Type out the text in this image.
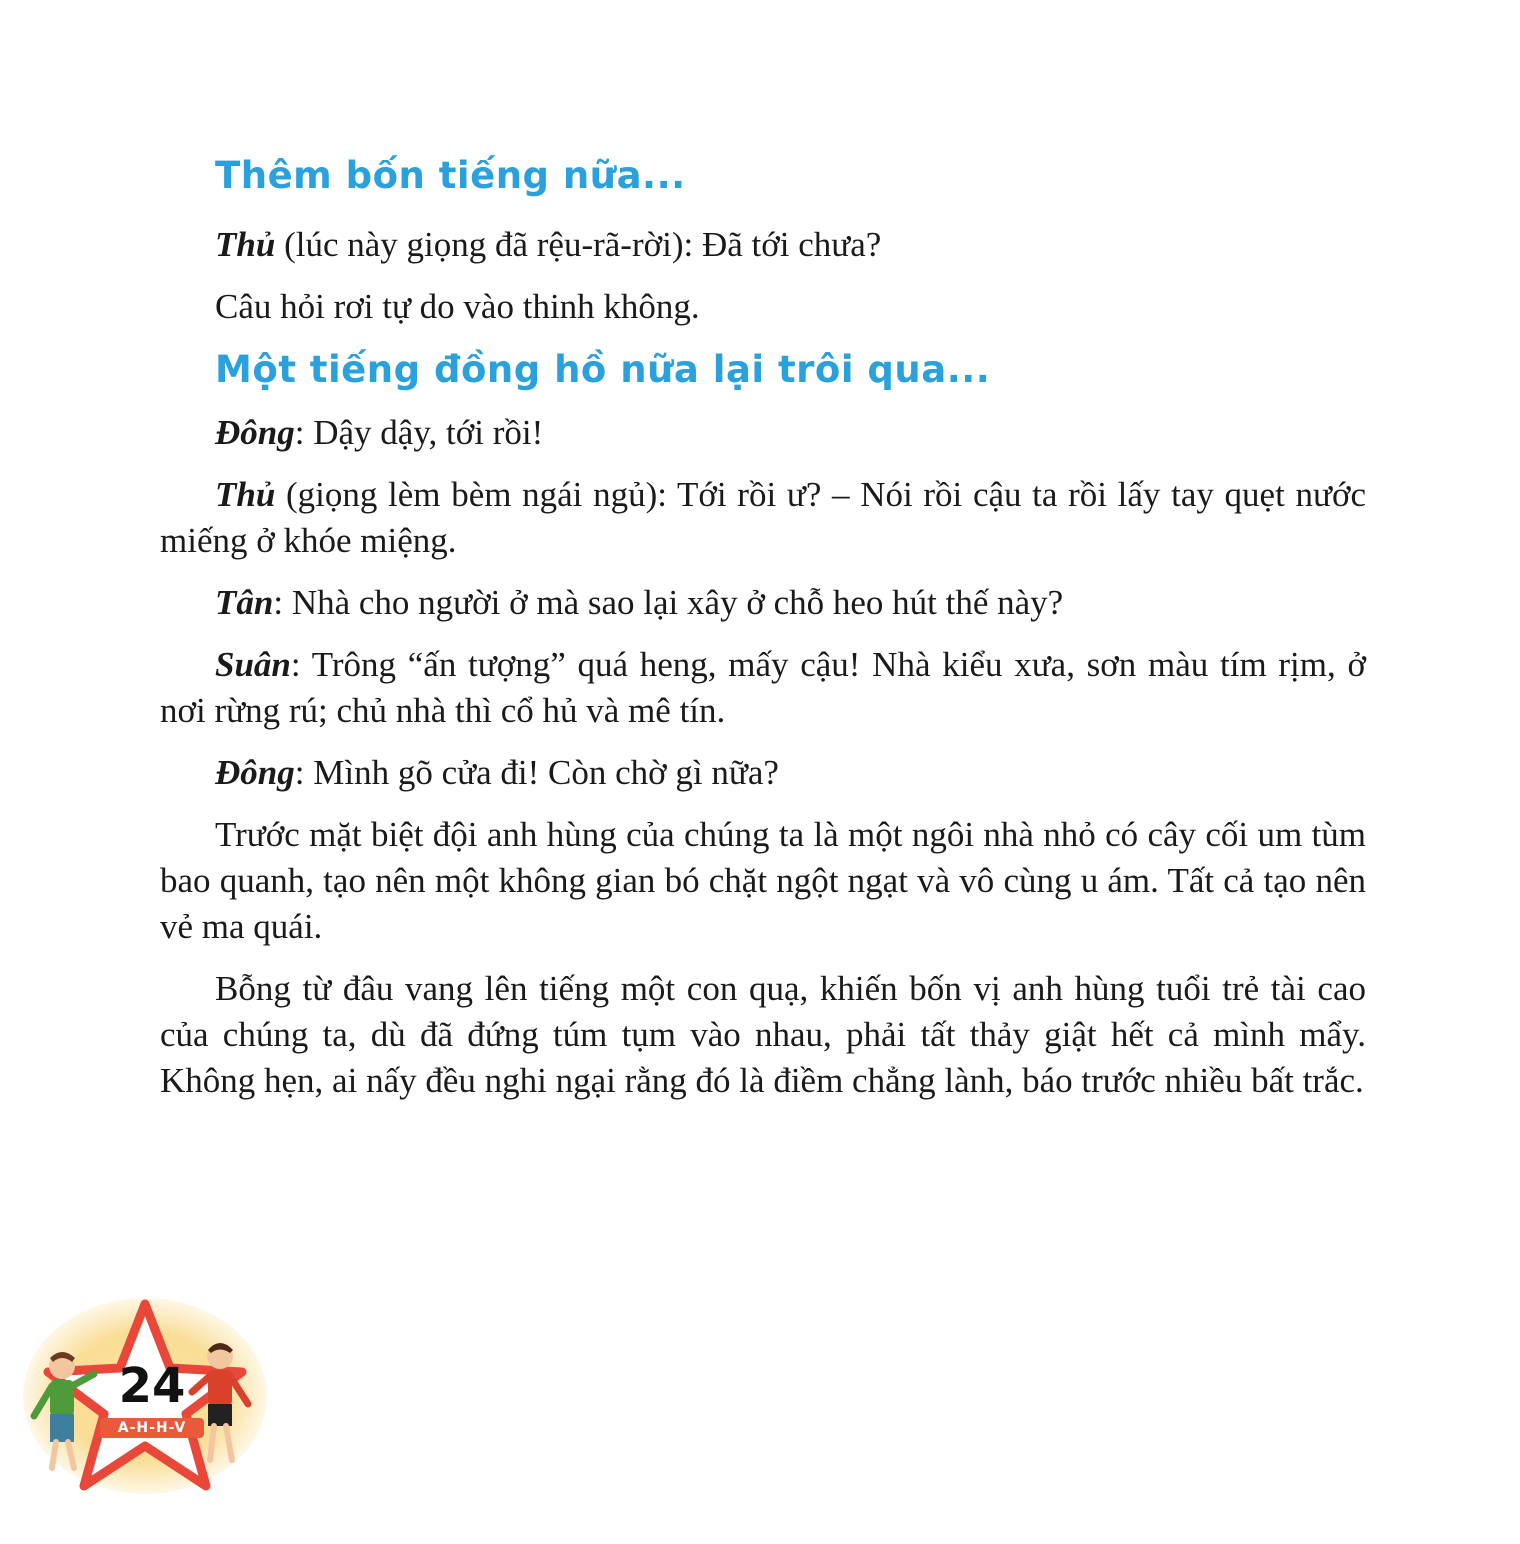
Thêm bốn tiếng nữa...

Thủ (lúc này giọng đã rệu-rã-rời): Đã tới chưa?

Câu hỏi rơi tự do vào thinh không.

Một tiếng đồng hồ nữa lại trôi qua...

Đông: Dậy dậy, tới rồi!

Thủ (giọng lèm bèm ngái ngủ): Tới rồi ư? – Nói rồi cậu ta rồi lấy tay quẹt nước miếng ở khóe miệng.

Tân: Nhà cho người ở mà sao lại xây ở chỗ heo hút thế này?

Suân: Trông “ấn tượng” quá heng, mấy cậu! Nhà kiểu xưa, sơn màu tím rịm, ở nơi rừng rú; chủ nhà thì cổ hủ và mê tín.

Đông: Mình gõ cửa đi! Còn chờ gì nữa?

Trước mặt biệt đội anh hùng của chúng ta là một ngôi nhà nhỏ có cây cối um tùm bao quanh, tạo nên một không gian bó chặt ngột ngạt và vô cùng u ám. Tất cả tạo nên vẻ ma quái.

Bỗng từ đâu vang lên tiếng một con quạ, khiến bốn vị anh hùng tuổi trẻ tài cao của chúng ta, dù đã đứng túm tụm vào nhau, phải tất thảy giật hết cả mình mẩy. Không hẹn, ai nấy đều nghi ngại rằng đó là điềm chẳng lành, báo trước nhiều bất trắc.

24
A-H-H-V
